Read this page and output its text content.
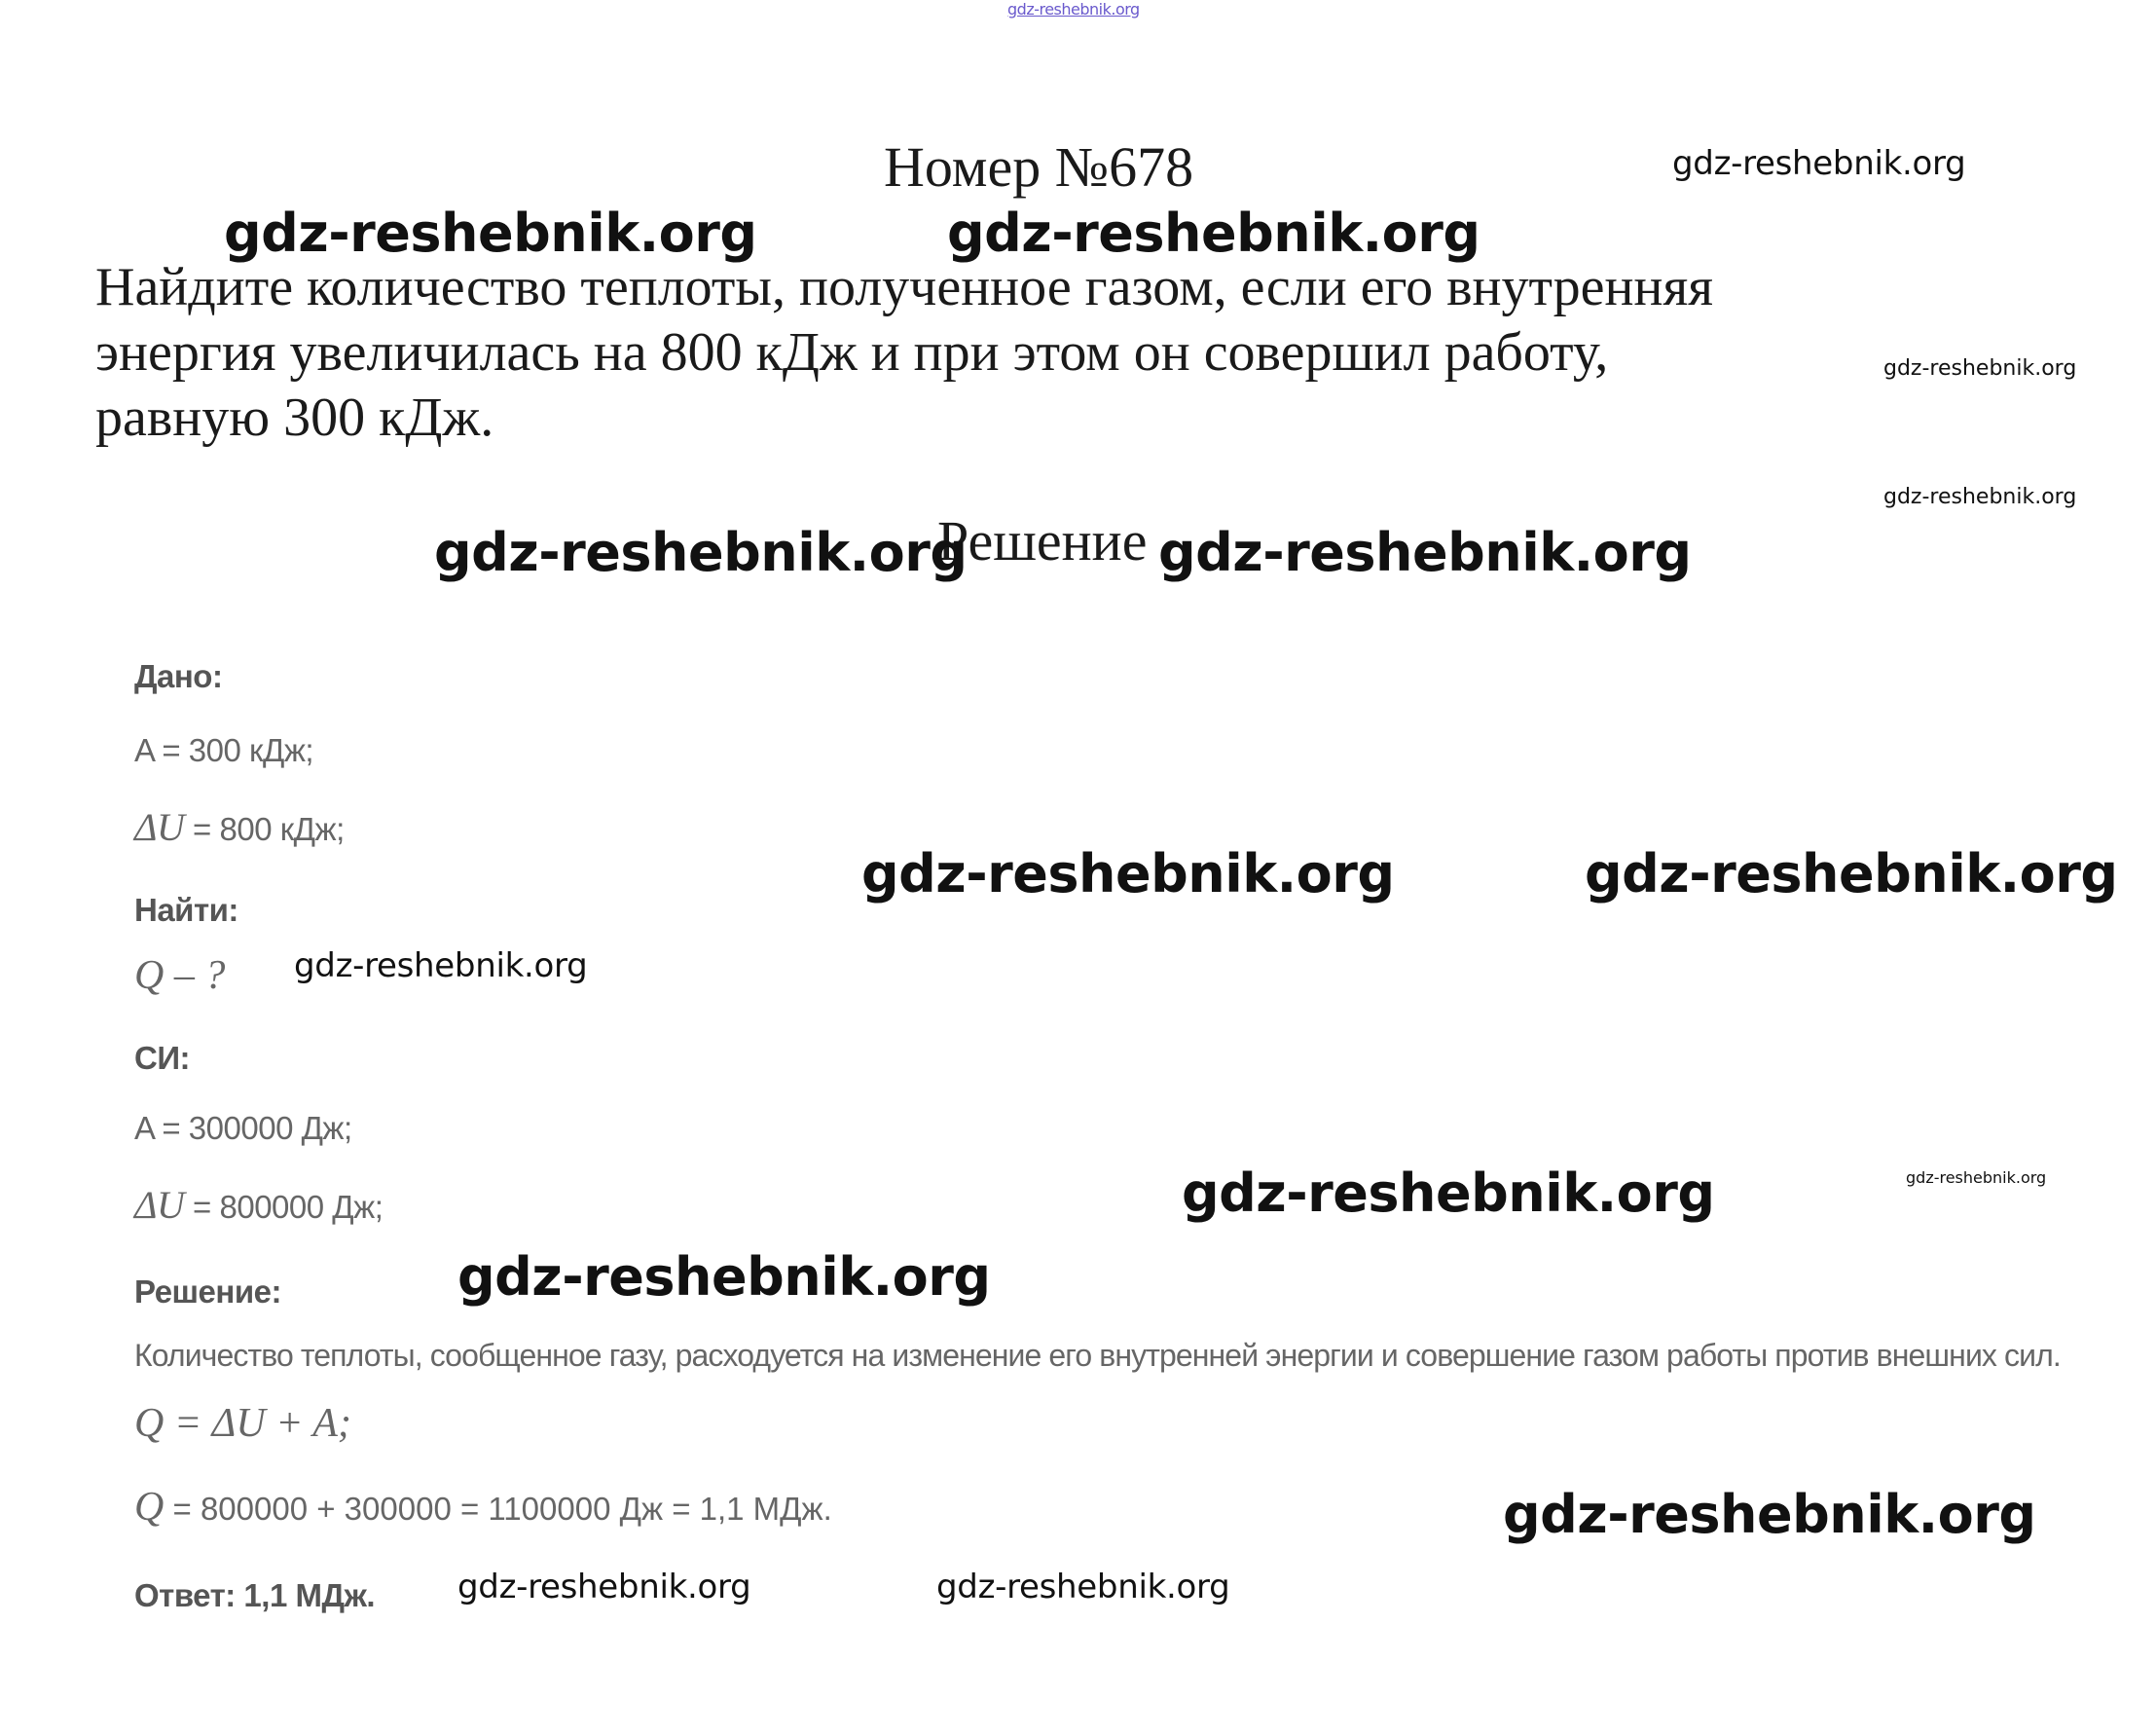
gdz-reshebnik.org
Номер №678

Найдите количество теплоты, полученное газом, если его внутренняя

энергия увеличилась на 800 кДж и при этом он совершил работу,

равную 300 кДж.

Решение
Дано:
A = 300 кДж;
ΔU = 800 кДж;
Найти:
Q – ?
СИ:
A = 300000 Дж;
ΔU = 800000 Дж;
Решение:
Количество теплоты, сообщенное газу, расходуется на изменение его внутренней энергии и совершение газом работы против внешних сил.
Q = ΔU + A;
Q = 800000 + 300000 = 1100000 Дж = 1,1 МДж.
Ответ: 1,1 МДж.
gdz-reshebnik.org
gdz-reshebnik.org	gdz-reshebnik.org
gdz-reshebnik.org
gdz-reshebnik.org
gdz-reshebnik.org	gdz-reshebnik.org
gdz-reshebnik.org	gdz-reshebnik.org
gdz-reshebnik.org
gdz-reshebnik.org	gdz-reshebnik.org
gdz-reshebnik.org
gdz-reshebnik.org
gdz-reshebnik.org	gdz-reshebnik.org
